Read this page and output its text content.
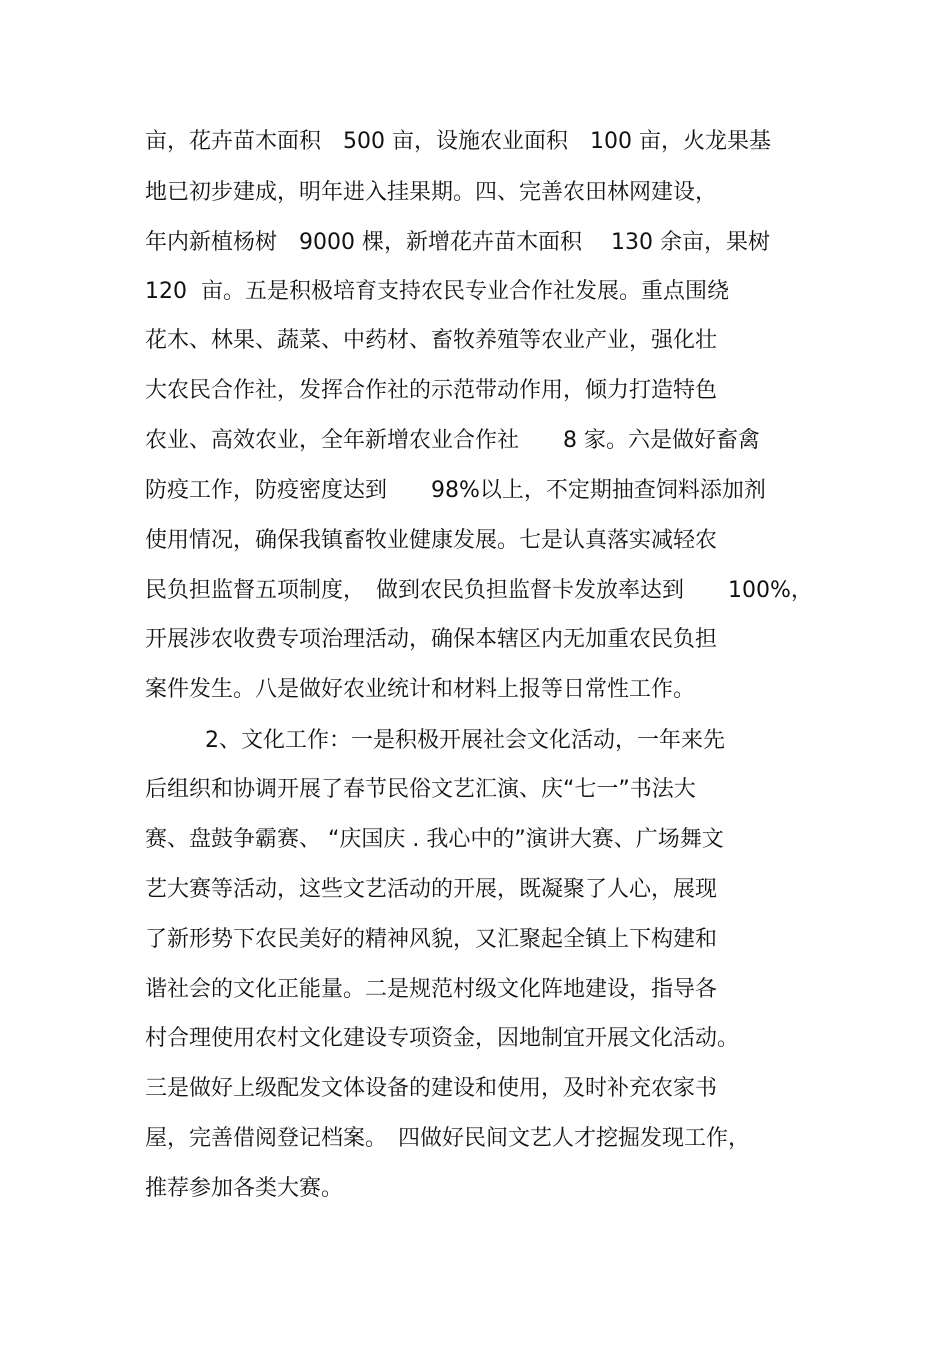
亩，花卉苗木面积　500 亩，设施农业面积　100 亩，火龙果基
地已初步建成，明年进入挂果期。四、完善农田林网建设，
年内新植杨树　9000 棵，新增花卉苗木面积　 130 余亩，果树
120  亩。五是积极培育支持农民专业合作社发展。重点围绕
花木、林果、蔬菜、中药材、畜牧养殖等农业产业，强化壮
大农民合作社，发挥合作社的示范带动作用，倾力打造特色
农业、高效农业，全年新增农业合作社　　8 家。六是做好畜禽
防疫工作，防疫密度达到　　98%以上，不定期抽查饲料添加剂
使用情况，确保我镇畜牧业健康发展。七是认真落实减轻农
民负担监督五项制度，　做到农民负担监督卡发放率达到　　100%，
开展涉农收费专项治理活动，确保本辖区内无加重农民负担
案件发生。八是做好农业统计和材料上报等日常性工作。
2、文化工作：一是积极开展社会文化活动，一年来先
后组织和协调开展了春节民俗文艺汇演、庆“七一”书法大
赛、盘鼓争霸赛、 “庆国庆 . 我心中的”演讲大赛、广场舞文
艺大赛等活动，这些文艺活动的开展，既凝聚了人心，展现
了新形势下农民美好的精神风貌，又汇聚起全镇上下构建和
谐社会的文化正能量。二是规范村级文化阵地建设，指导各
村合理使用农村文化建设专项资金，因地制宜开展文化活动。
三是做好上级配发文体设备的建设和使用，及时补充农家书
屋，完善借阅登记档案。　四做好民间文艺人才挖掘发现工作，
推荐参加各类大赛。
